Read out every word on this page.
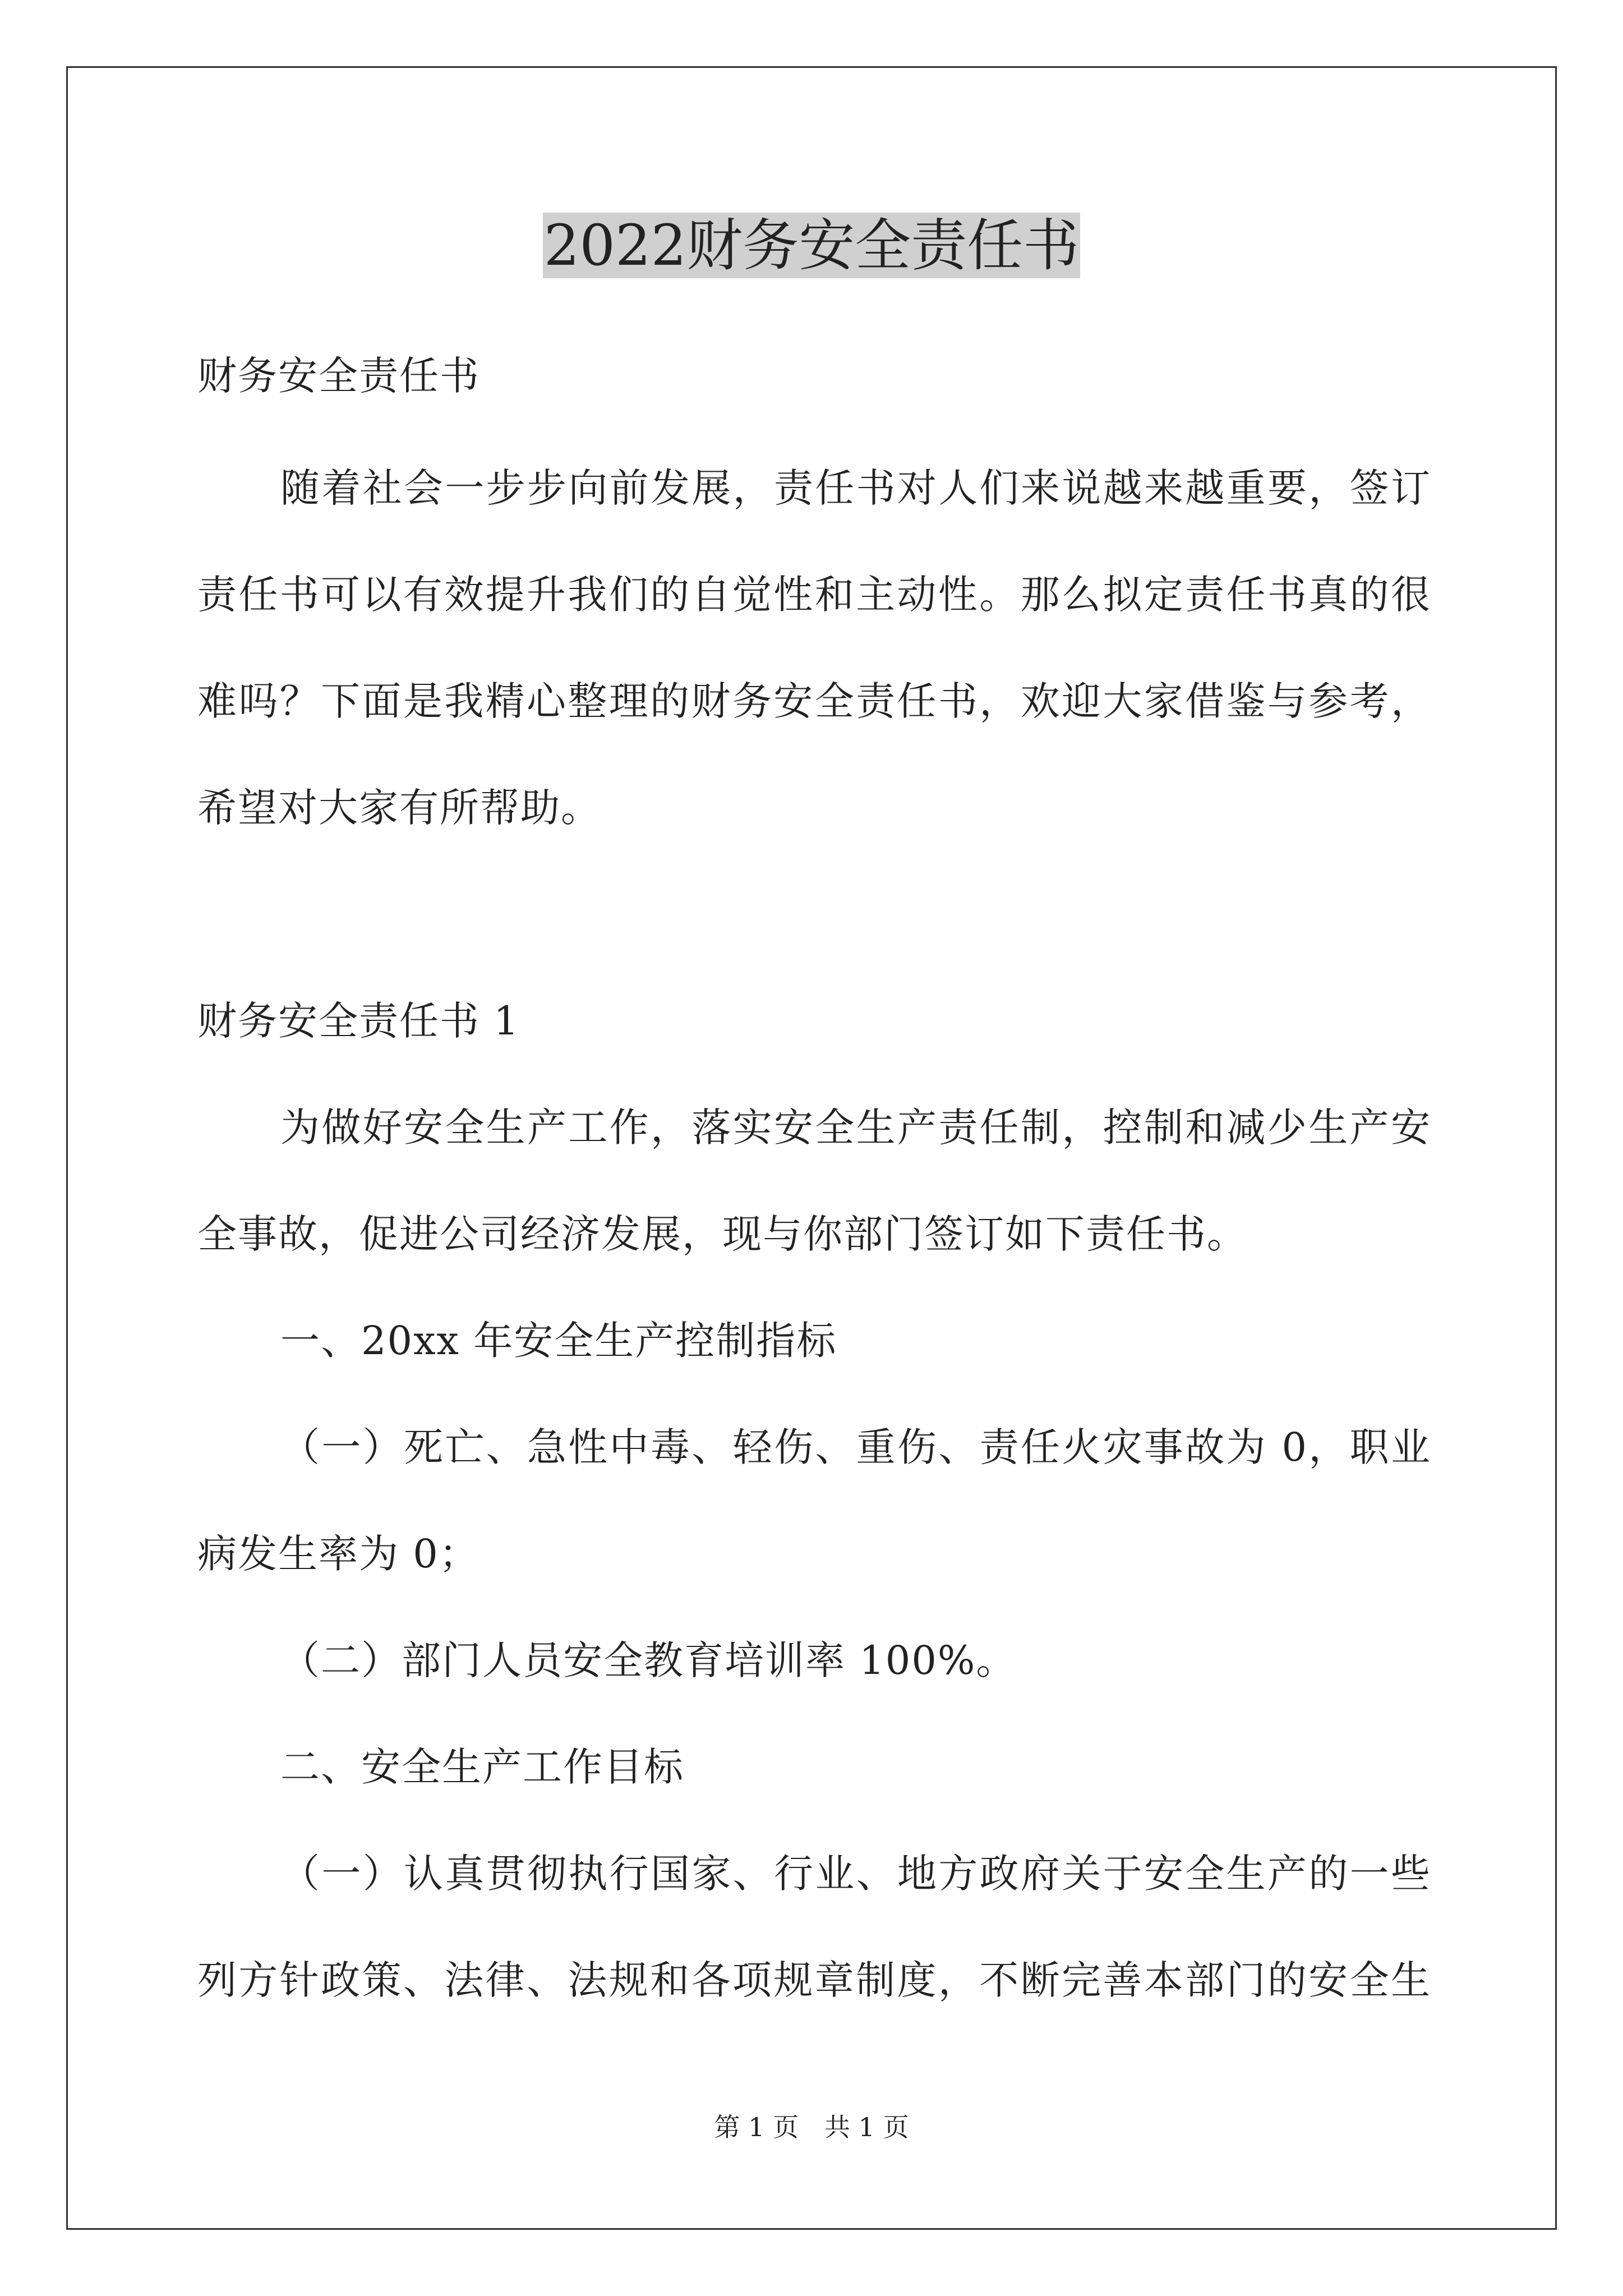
2022财务安全责任书

财务安全责任书

随着社会一步步向前发展，责任书对人们来说越来越重要，签订

责任书可以有效提升我们的自觉性和主动性。那么拟定责任书真的很

难吗？下面是我精心整理的财务安全责任书，欢迎大家借鉴与参考，

希望对大家有所帮助。

财务安全责任书 1

为做好安全生产工作，落实安全生产责任制，控制和减少生产安

全事故，促进公司经济发展，现与你部门签订如下责任书。

一、20xx 年安全生产控制指标

（一）死亡、急性中毒、轻伤、重伤、责任火灾事故为 0，职业

病发生率为 0；

（二）部门人员安全教育培训率 100%。

二、安全生产工作目标

（一）认真贯彻执行国家、行业、地方政府关于安全生产的一些

列方针政策、法律、法规和各项规章制度，不断完善本部门的安全生

第 1 页　共 1 页
